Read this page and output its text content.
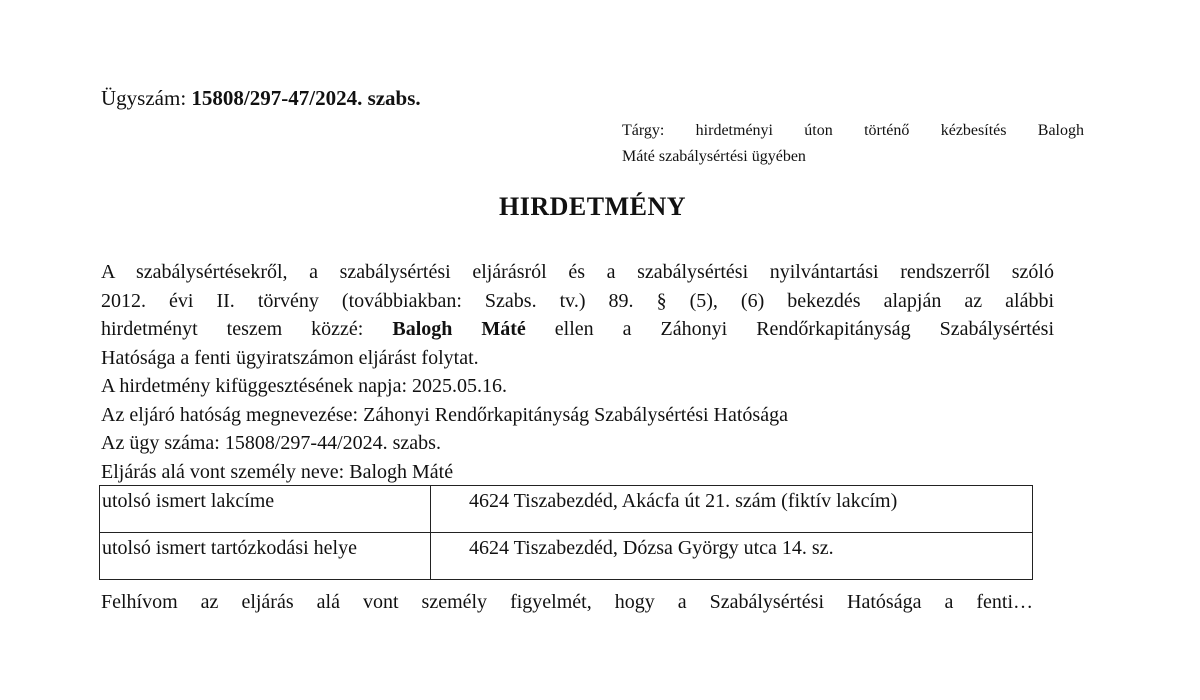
Ügyszám: 15808/297-47/2024. szabs.
Tárgy: hirdetményi úton történő kézbesítés Balogh
Máté szabálysértési ügyében
HIRDETMÉNY
A szabálysértésekről, a szabálysértési eljárásról és a szabálysértési nyilvántartási rendszerről szóló
2012. évi II. törvény (továbbiakban: Szabs. tv.) 89. § (5), (6) bekezdés alapján az alábbi
hirdetményt teszem közzé: Balogh Máté ellen a Záhonyi Rendőrkapitányság Szabálysértési
Hatósága a fenti ügyiratszámon eljárást folytat.
A hirdetmény kifüggesztésének napja: 2025.05.16.
Az eljáró hatóság megnevezése: Záhonyi Rendőrkapitányság Szabálysértési Hatósága
Az ügy száma: 15808/297-44/2024. szabs.
Eljárás alá vont személy neve: Balogh Máté
utolsó ismert lakcíme	4624 Tiszabezdéd, Akácfa út 21. szám (fiktív lakcím)
utolsó ismert tartózkodási helye	4624 Tiszabezdéd, Dózsa György utca 14. sz.
Felhívom az eljárás alá vont személy figyelmét, hogy a Szabálysértési Hatósága a fenti…
